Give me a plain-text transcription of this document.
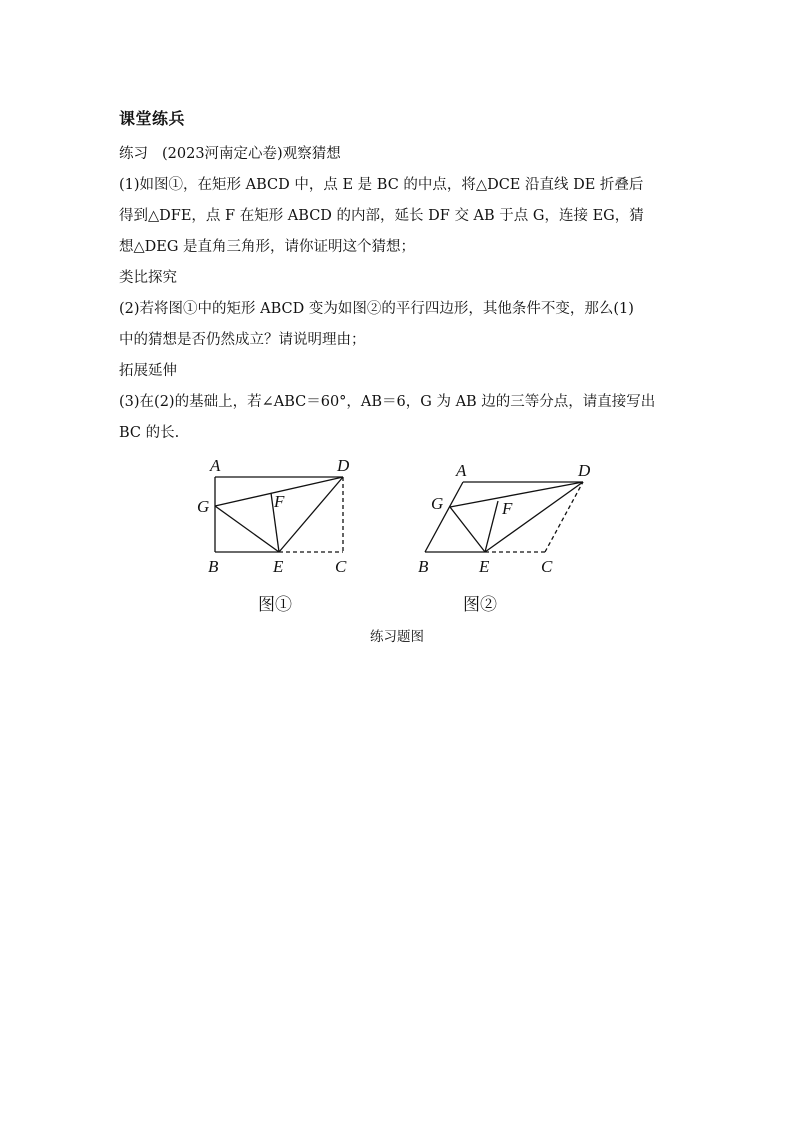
课堂练兵
练习 (2023河南定心卷)观察猜想
(1)如图①，在矩形 ABCD 中，点 E 是 BC 的中点，将△DCE 沿直线 DE 折叠后
得到△DFE，点 F 在矩形 ABCD 的内部，延长 DF 交 AB 于点 G，连接 EG，猜
想△DEG 是直角三角形，请你证明这个猜想；
类比探究
(2)若将图①中的矩形 ABCD 变为如图②的平行四边形，其他条件不变，那么(1)
中的猜想是否仍然成立？请说明理由；
拓展延伸
(3)在(2)的基础上，若∠ABC＝60°，AB＝6，G 为 AB 边的三等分点，请直接写出
BC 的长.
A	D
G	F
B	E	C
图①
A	D
G	F
B	E	C
图②
练习题图
